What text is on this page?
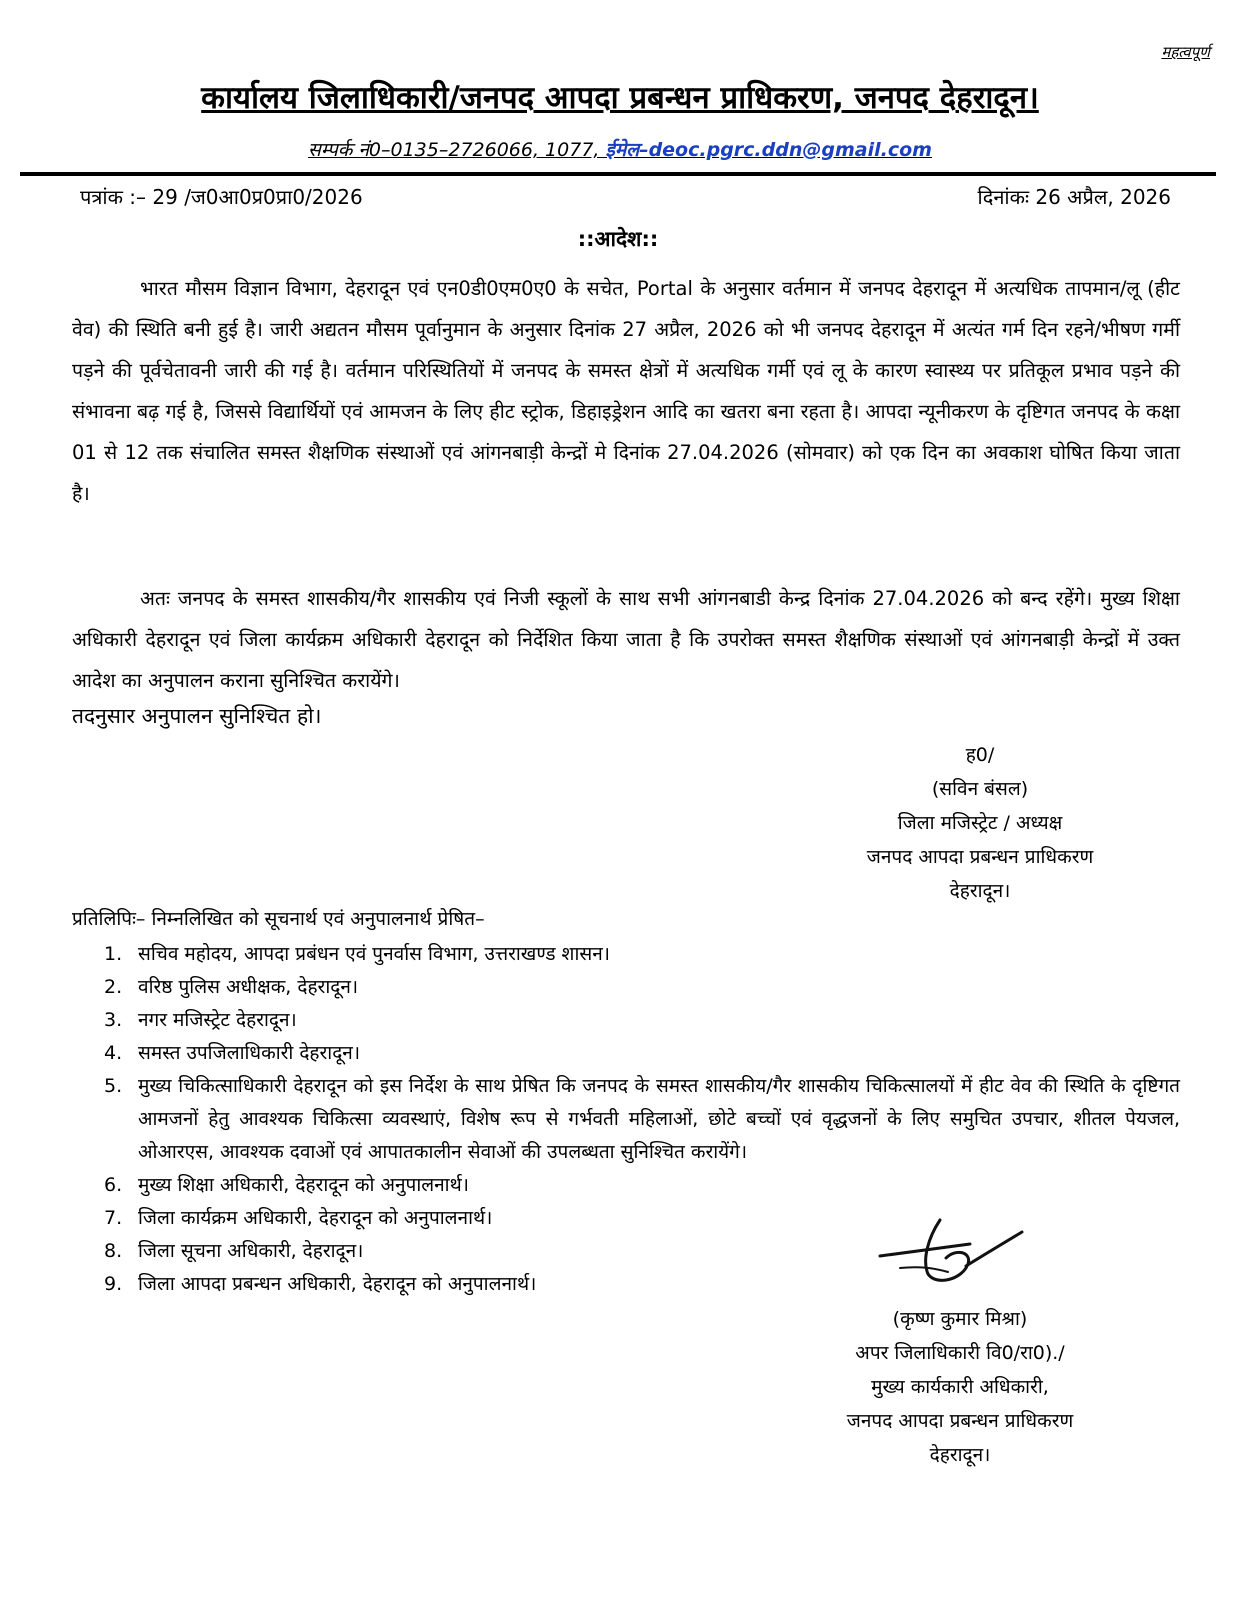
महत्वपूर्ण
कार्यालय जिलाधिकारी/जनपद आपदा प्रबन्धन प्राधिकरण, जनपद देहरादून।
सम्पर्क नं0–0135–2726066, 1077, ईमेल–deoc.pgrc.ddn@gmail.com
पत्रांक :– 29 /ज0आ0प्र0प्रा0/2026	दिनांकः 26 अप्रैल, 2026
::आदेश::
भारत मौसम विज्ञान विभाग, देहरादून एवं एन0डी0एम0ए0 के सचेत, Portal के अनुसार वर्तमान में जनपद देहरादून में अत्यधिक तापमान/लू (हीट वेव) की स्थिति बनी हुई है। जारी अद्यतन मौसम पूर्वानुमान के अनुसार दिनांक 27 अप्रैल, 2026 को भी जनपद देहरादून में अत्यंत गर्म दिन रहने/भीषण गर्मी पड़ने की पूर्वचेतावनी जारी की गई है। वर्तमान परिस्थितियों में जनपद के समस्त क्षेत्रों में अत्यधिक गर्मी एवं लू के कारण स्वास्थ्य पर प्रतिकूल प्रभाव पड़ने की संभावना बढ़ गई है, जिससे विद्यार्थियों एवं आमजन के लिए हीट स्ट्रोक, डिहाइड्रेशन आदि का खतरा बना रहता है। आपदा न्यूनीकरण के दृष्टिगत जनपद के कक्षा 01 से 12 तक संचालित समस्त शैक्षणिक संस्थाओं एवं आंगनबाड़ी केन्द्रों मे दिनांक 27.04.2026 (सोमवार) को एक दिन का अवकाश घोषित किया जाता है।
अतः जनपद के समस्त शासकीय/गैर शासकीय एवं निजी स्कूलों के साथ सभी आंगनबाडी केन्द्र दिनांक 27.04.2026 को बन्द रहेंगे। मुख्य शिक्षा अधिकारी देहरादून एवं जिला कार्यक्रम अधिकारी देहरादून को निर्देशित किया जाता है कि उपरोक्त समस्त शैक्षणिक संस्थाओं एवं आंगनबाड़ी केन्द्रों में उक्त आदेश का अनुपालन कराना सुनिश्चित करायेंगे।
तदनुसार अनुपालन सुनिश्चित हो।
ह0/
(सविन बंसल)
जिला मजिस्ट्रेट / अध्यक्ष
जनपद आपदा प्रबन्धन प्राधिकरण
देहरादून।
प्रतिलिपिः– निम्नलिखित को सूचनार्थ एवं अनुपालनार्थ प्रेषित–
1. सचिव महोदय, आपदा प्रबंधन एवं पुनर्वास विभाग, उत्तराखण्ड शासन।
2. वरिष्ठ पुलिस अधीक्षक, देहरादून।
3. नगर मजिस्ट्रेट देहरादून।
4. समस्त उपजिलाधिकारी देहरादून।
5. मुख्य चिकित्साधिकारी देहरादून को इस निर्देश के साथ प्रेषित कि जनपद के समस्त शासकीय/गैर शासकीय चिकित्सालयों में हीट वेव की स्थिति के दृष्टिगत आमजनों हेतु आवश्यक चिकित्सा व्यवस्थाएं, विशेष रूप से गर्भवती महिलाओं, छोटे बच्चों एवं वृद्धजनों के लिए समुचित उपचार, शीतल पेयजल, ओआरएस, आवश्यक दवाओं एवं आपातकालीन सेवाओं की उपलब्धता सुनिश्चित करायेंगे।
6. मुख्य शिक्षा अधिकारी, देहरादून को अनुपालनार्थ।
7. जिला कार्यक्रम अधिकारी, देहरादून को अनुपालनार्थ।
8. जिला सूचना अधिकारी, देहरादून।
9. जिला आपदा प्रबन्धन अधिकारी, देहरादून को अनुपालनार्थ।
(कृष्ण कुमार मिश्रा)
अपर जिलाधिकारी वि0/रा0)./
मुख्य कार्यकारी अधिकारी,
जनपद आपदा प्रबन्धन प्राधिकरण
देहरादून।
